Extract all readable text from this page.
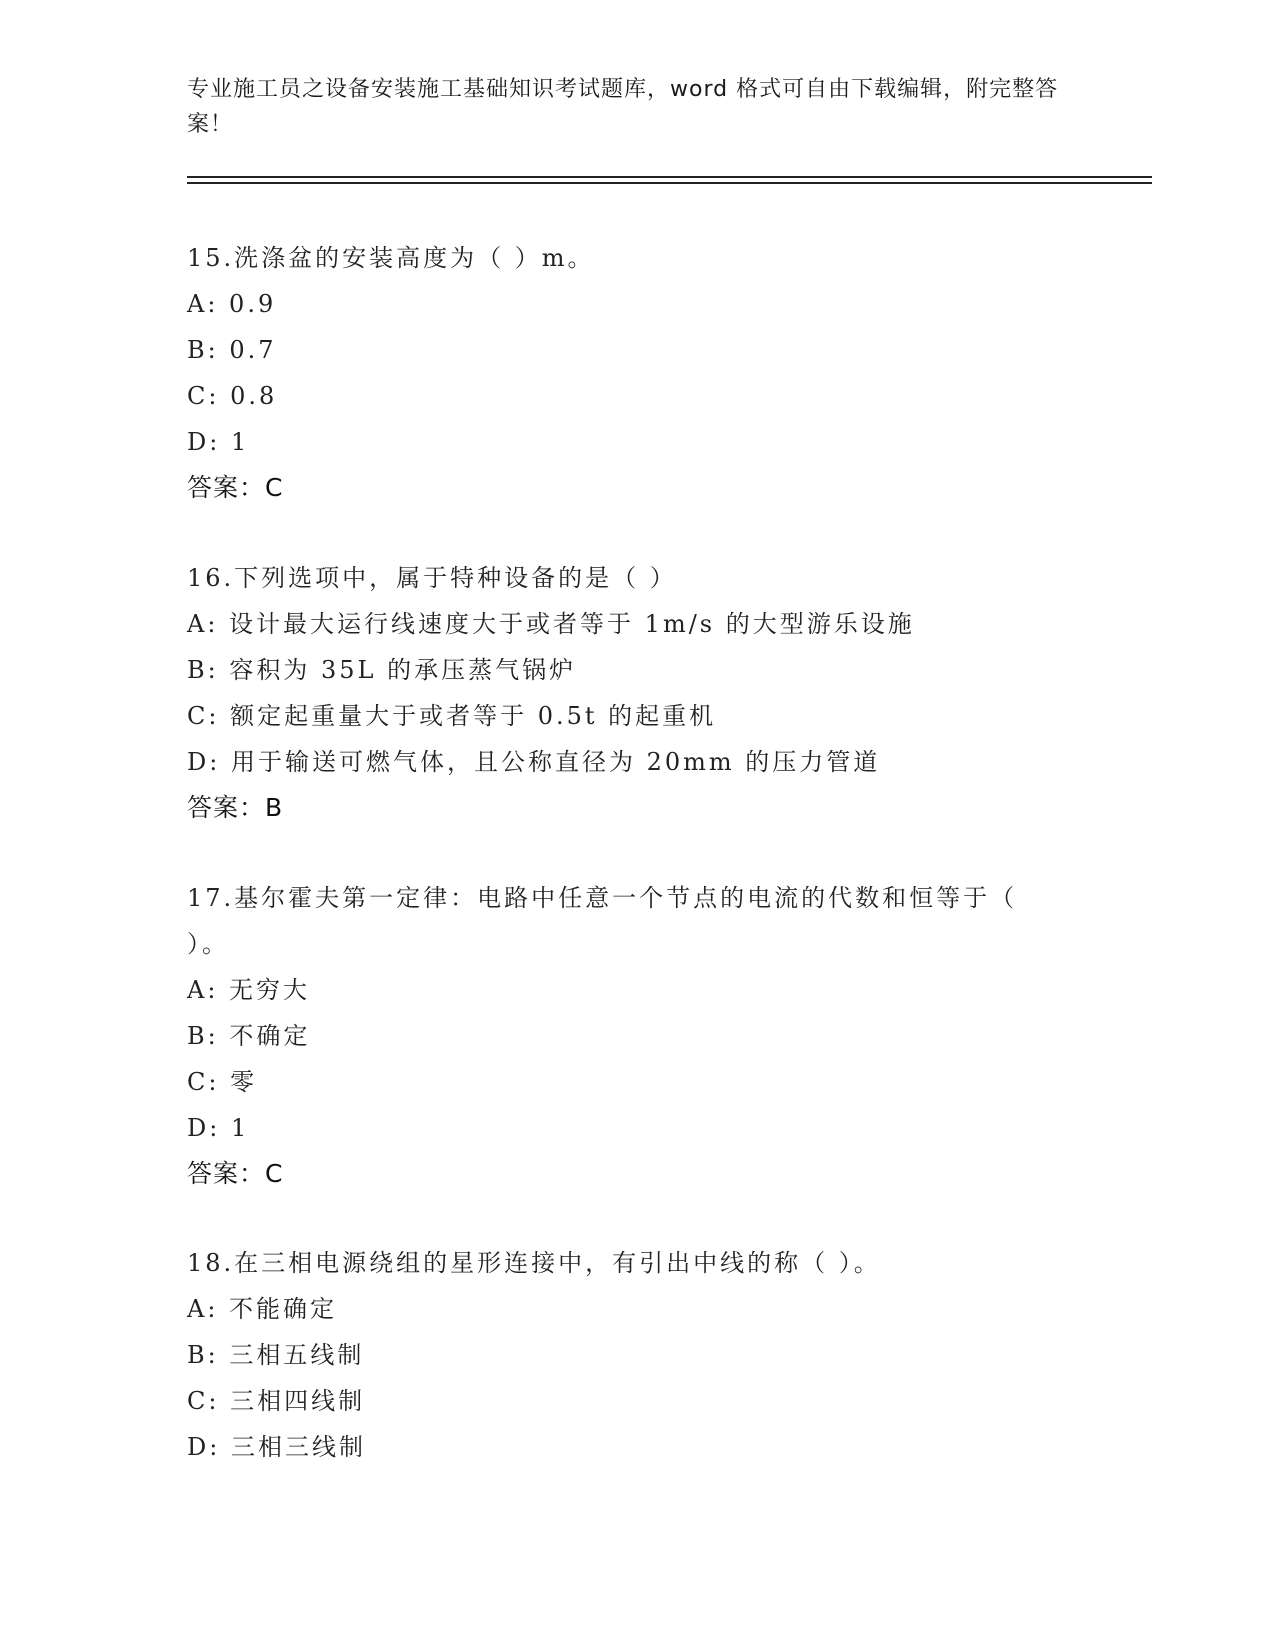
专业施工员之设备安装施工基础知识考试题库，word 格式可自由下载编辑，附完整答案！
15.洗涤盆的安装高度为（ ）m。
A: 0.9
B: 0.7
C: 0.8
D: 1
答案：C
16.下列选项中，属于特种设备的是（ ）
A: 设计最大运行线速度大于或者等于 1m/s 的大型游乐设施
B: 容积为 35L 的承压蒸气锅炉
C: 额定起重量大于或者等于 0.5t 的起重机
D: 用于输送可燃气体，且公称直径为 20mm 的压力管道
答案：B
17.基尔霍夫第一定律：电路中任意一个节点的电流的代数和恒等于（ ）。
A: 无穷大
B: 不确定
C: 零
D: 1
答案：C
18.在三相电源绕组的星形连接中，有引出中线的称（ ）。
A: 不能确定
B: 三相五线制
C: 三相四线制
D: 三相三线制
